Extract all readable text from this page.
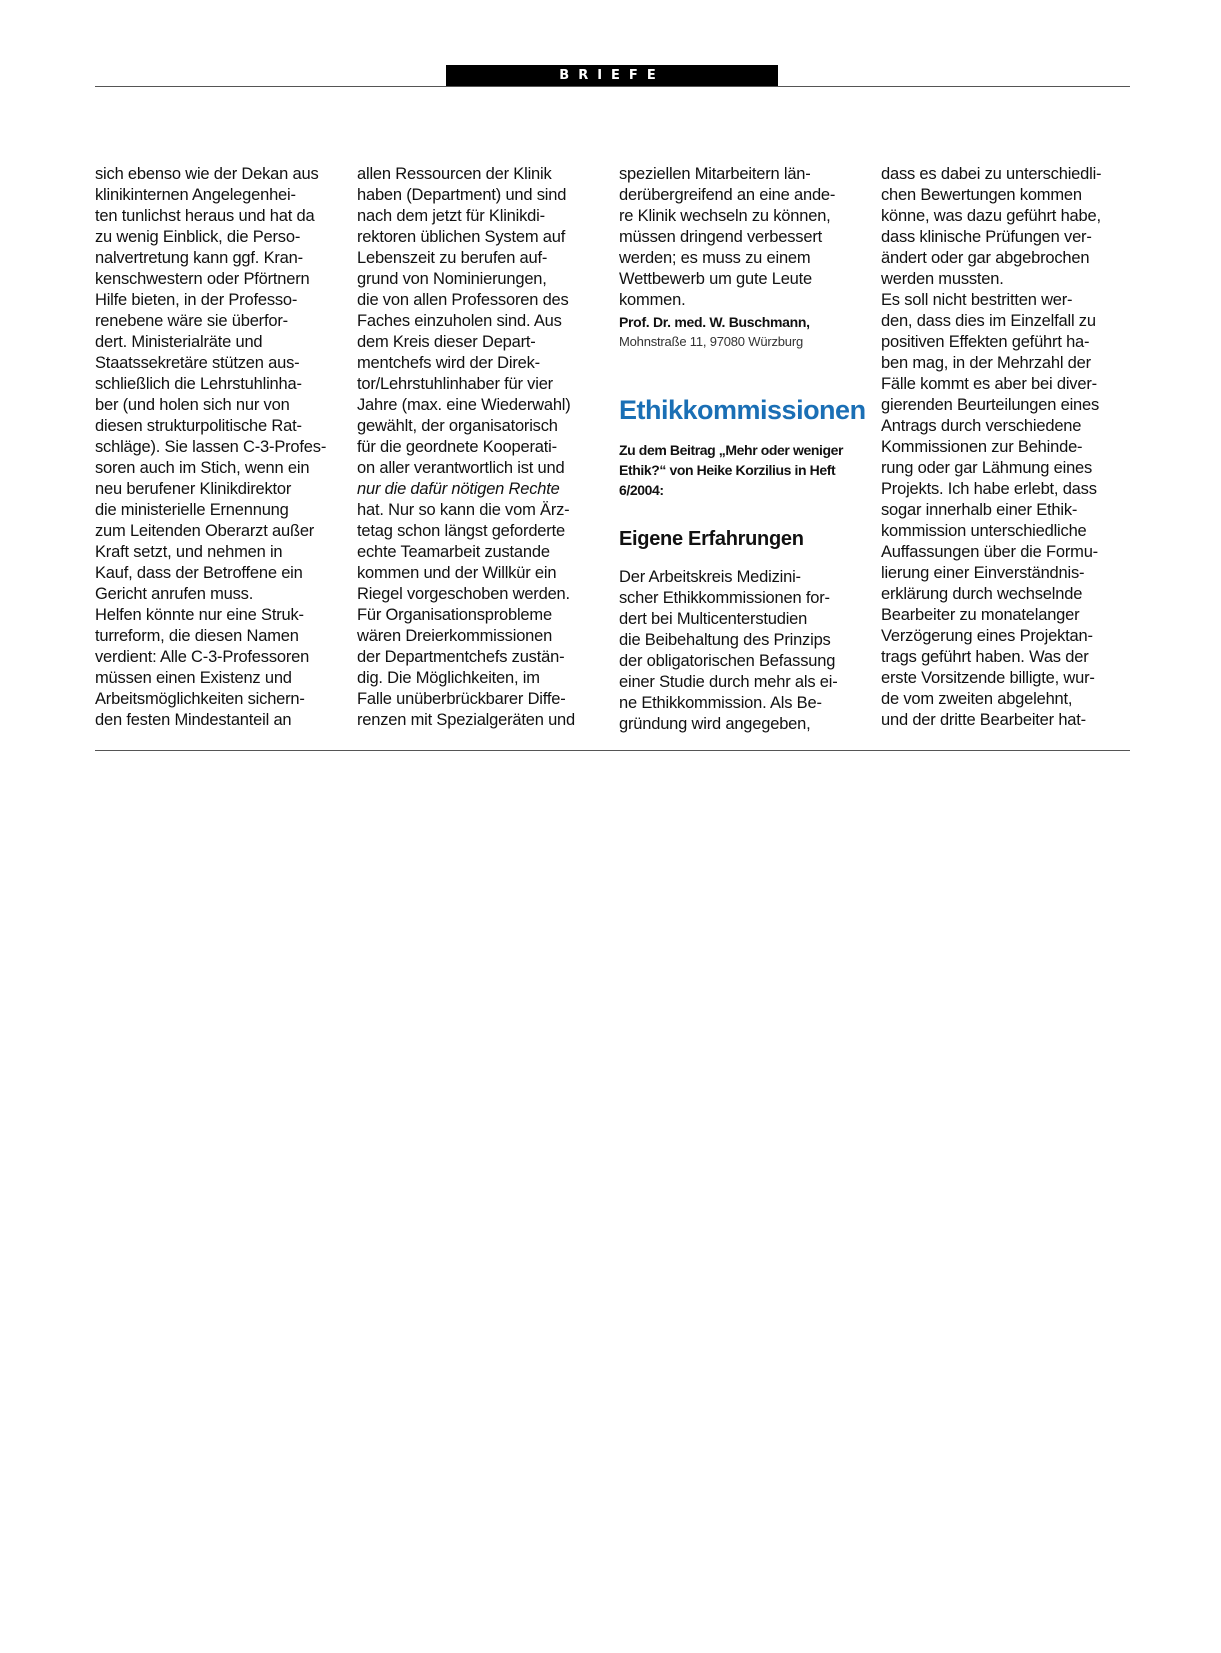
BRIEFE
sich ebenso wie der Dekan aus
klinikinternen Angelegenhei-
ten tunlichst heraus und hat da
zu wenig Einblick, die Perso-
nalvertretung kann ggf. Kran-
kenschwestern oder Pförtnern
Hilfe bieten, in der Professo-
renebene wäre sie überfor-
dert. Ministerialräte und
Staatssekretäre stützen aus-
schließlich die Lehrstuhlinha-
ber (und holen sich nur von
diesen strukturpolitische Rat-
schläge). Sie lassen C-3-Profes-
soren auch im Stich, wenn ein
neu berufener Klinikdirektor
die ministerielle Ernennung
zum Leitenden Oberarzt außer
Kraft setzt, und nehmen in
Kauf, dass der Betroffene ein
Gericht anrufen muss.
Helfen könnte nur eine Struk-
turreform, die diesen Namen
verdient: Alle C-3-Professoren
müssen einen Existenz und
Arbeitsmöglichkeiten sichern-
den festen Mindestanteil an
allen Ressourcen der Klinik
haben (Department) und sind
nach dem jetzt für Klinikdi-
rektoren üblichen System auf
Lebenszeit zu berufen auf-
grund von Nominierungen,
die von allen Professoren des
Faches einzuholen sind. Aus
dem Kreis dieser Depart-
mentchefs wird der Direk-
tor/Lehrstuhlinhaber für vier
Jahre (max. eine Wiederwahl)
gewählt, der organisatorisch
für die geordnete Kooperati-
on aller verantwortlich ist und
nur die dafür nötigen Rechte
hat. Nur so kann die vom Ärz-
tetag schon längst geforderte
echte Teamarbeit zustande
kommen und der Willkür ein
Riegel vorgeschoben werden.
Für Organisationsprobleme
wären Dreierkommissionen
der Departmentchefs zustän-
dig. Die Möglichkeiten, im
Falle unüberbrückbarer Diffe-
renzen mit Spezialgeräten und
speziellen Mitarbeitern län-
derübergreifend an eine ande-
re Klinik wechseln zu können,
müssen dringend verbessert
werden; es muss zu einem
Wettbewerb um gute Leute
kommen.
Prof. Dr. med. W. Buschmann,
Mohnstraße 11, 97080 Würzburg
Ethikkommissionen
Zu dem Beitrag „Mehr oder weniger
Ethik?“ von Heike Korzilius in Heft
6/2004:
Eigene Erfahrungen
Der Arbeitskreis Medizini-
scher Ethikkommissionen for-
dert bei Multicenterstudien
die Beibehaltung des Prinzips
der obligatorischen Befassung
einer Studie durch mehr als ei-
ne Ethikkommission. Als Be-
gründung wird angegeben,
dass es dabei zu unterschiedli-
chen Bewertungen kommen
könne, was dazu geführt habe,
dass klinische Prüfungen ver-
ändert oder gar abgebrochen
werden mussten.
Es soll nicht bestritten wer-
den, dass dies im Einzelfall zu
positiven Effekten geführt ha-
ben mag, in der Mehrzahl der
Fälle kommt es aber bei diver-
gierenden Beurteilungen eines
Antrags durch verschiedene
Kommissionen zur Behinde-
rung oder gar Lähmung eines
Projekts. Ich habe erlebt, dass
sogar innerhalb einer Ethik-
kommission unterschiedliche
Auffassungen über die Formu-
lierung einer Einverständnis-
erklärung durch wechselnde
Bearbeiter zu monatelanger
Verzögerung eines Projektan-
trags geführt haben. Was der
erste Vorsitzende billigte, wur-
de vom zweiten abgelehnt,
und der dritte Bearbeiter hat-
